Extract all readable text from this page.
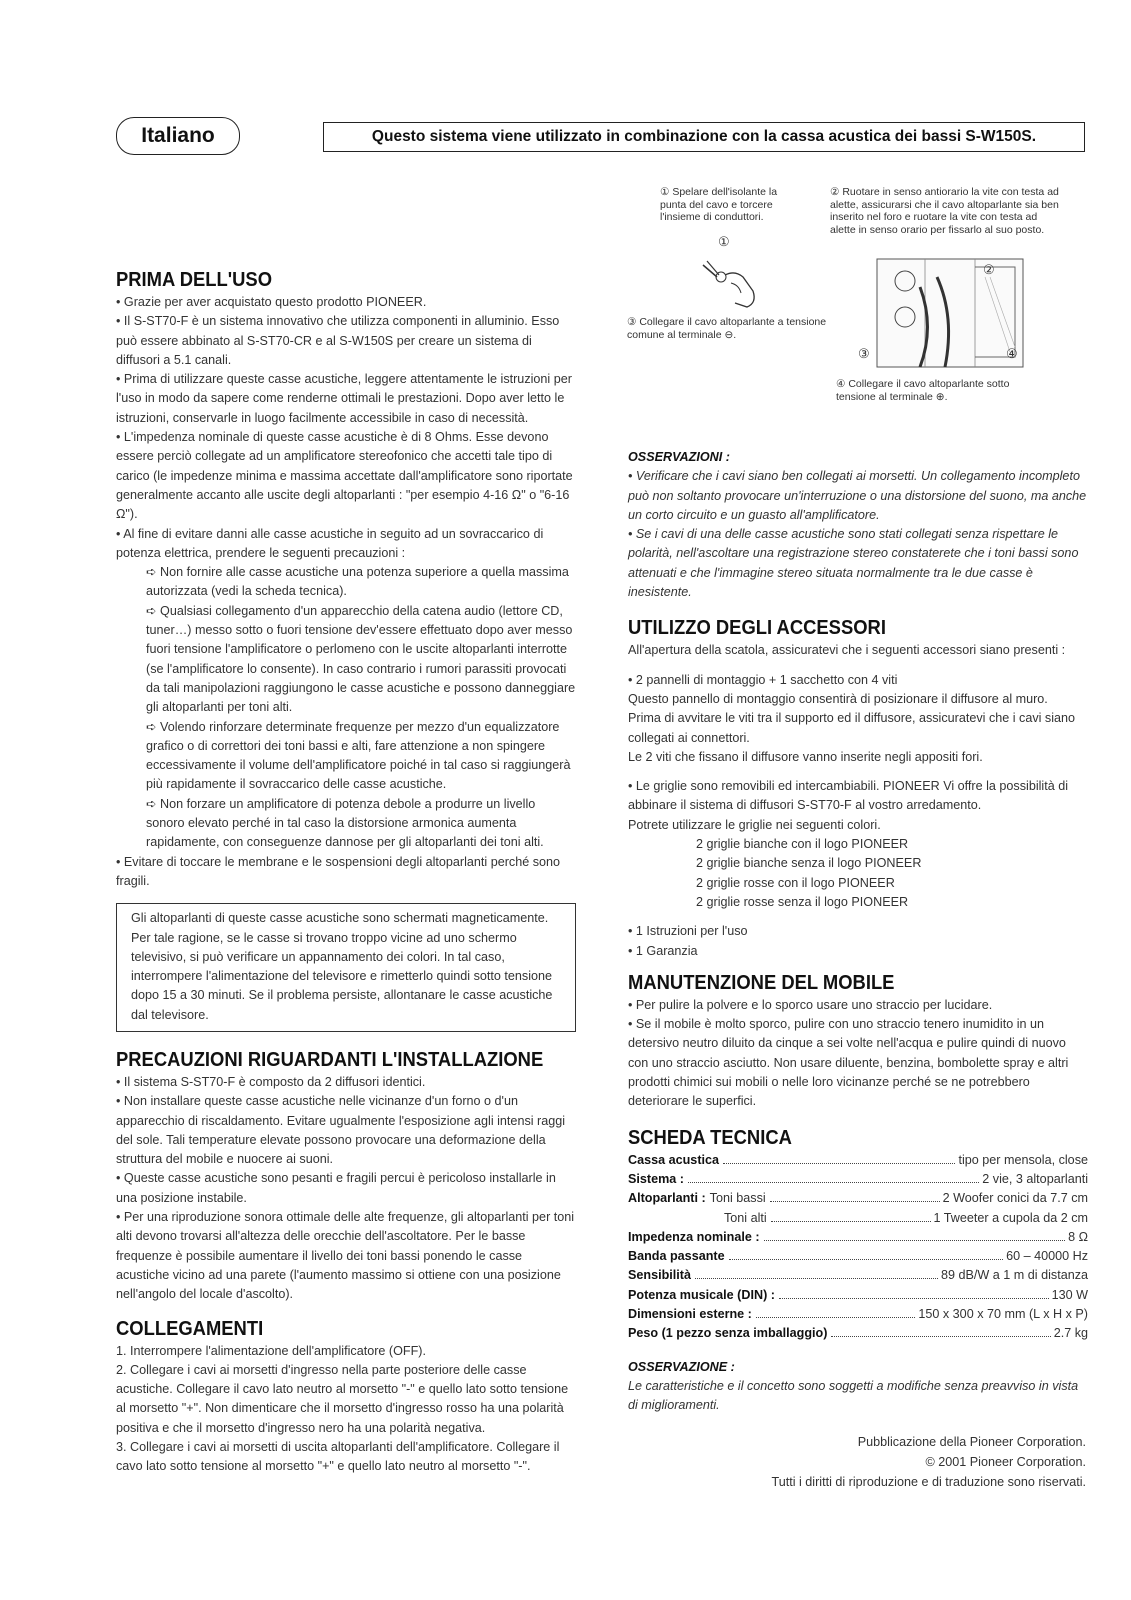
Italiano	Questo sistema viene utilizzato in combinazione con la cassa acustica dei bassi S-W150S.
① Spelare dell'isolante la punta del cavo e torcere l'insieme di conduttori.
② Ruotare in senso antiorario la vite con testa ad alette, assicurarsi che il cavo altoparlante sia ben inserito nel foro e ruotare la vite con testa ad alette in senso orario per fissarlo al suo posto.
①
③ Collegare il cavo altoparlante a tensione comune al terminale ⊖.
②
③	④
④ Collegare il cavo altoparlante sotto tensione al terminale ⊕.
PRIMA DELL'USO

• Grazie per aver acquistato questo prodotto PIONEER.

• Il S-ST70-F è un sistema innovativo che utilizza componenti in alluminio. Esso può essere abbinato al S-ST70-CR e al S-W150S per creare un sistema di diffusori a 5.1 canali.

• Prima di utilizzare queste casse acustiche, leggere attentamente le istruzioni per l'uso in modo da sapere come renderne ottimali le prestazioni. Dopo aver letto le istruzioni, conservarle in luogo facilmente accessibile in caso di necessità.

• L'impedenza nominale di queste casse acustiche è di 8 Ohms. Esse devono essere perciò collegate ad un amplificatore stereofonico che accetti tale tipo di carico (le impedenze minima e massima accettate dall'amplificatore sono riportate generalmente accanto alle uscite degli altoparlanti : "per esempio 4-16 Ω" o "6-16 Ω").

• Al fine di evitare danni alle casse acustiche in seguito ad un sovraccarico di potenza elettrica, prendere le seguenti precauzioni :

➪ Non fornire alle casse acustiche una potenza superiore a quella massima autorizzata (vedi la scheda tecnica).

➪ Qualsiasi collegamento d'un apparecchio della catena audio (lettore CD, tuner…) messo sotto o fuori tensione dev'essere effettuato dopo aver messo fuori tensione l'amplificatore o perlomeno con le uscite altoparlanti interrotte (se l'amplificatore lo consente). In caso contrario i rumori parassiti provocati da tali manipolazioni raggiungono le casse acustiche e possono danneggiare gli altoparlanti per toni alti.

➪ Volendo rinforzare determinate frequenze per mezzo d'un equalizzatore grafico o di correttori dei toni bassi e alti, fare attenzione a non spingere eccessivamente il volume dell'amplificatore poiché in tal caso si raggiungerà più rapidamente il sovraccarico delle casse acustiche.

➪ Non forzare un amplificatore di potenza debole a produrre un livello sonoro elevato perché in tal caso la distorsione armonica aumenta rapidamente, con conseguenze dannose per gli altoparlanti dei toni alti.

• Evitare di toccare le membrane e le sospensioni degli altoparlanti perché sono fragili.

Gli altoparlanti di queste casse acustiche sono schermati magneticamente. Per tale ragione, se le casse si trovano troppo vicine ad uno schermo televisivo, si può verificare un appannamento dei colori. In tal caso, interrompere l'alimentazione del televisore e rimetterlo quindi sotto tensione dopo 15 a 30 minuti. Se il problema persiste, allontanare le casse acustiche dal televisore.
PRECAUZIONI RIGUARDANTI L'INSTALLAZIONE

• Il sistema S-ST70-F è composto da 2 diffusori identici.

• Non installare queste casse acustiche nelle vicinanze d'un forno o d'un apparecchio di riscaldamento. Evitare ugualmente l'esposizione agli intensi raggi del sole. Tali temperature elevate possono provocare una deformazione della struttura del mobile e nuocere ai suoni.

• Queste casse acustiche sono pesanti e fragili percui è pericoloso installarle in una posizione instabile.

• Per una riproduzione sonora ottimale delle alte frequenze, gli altoparlanti per toni alti devono trovarsi all'altezza delle orecchie dell'ascoltatore. Per le basse frequenze è possibile aumentare il livello dei toni bassi ponendo le casse acustiche vicino ad una parete (l'aumento massimo si ottiene con una posizione nell'angolo del locale d'ascolto).

COLLEGAMENTI

1. Interrompere l'alimentazione dell'amplificatore (OFF).

2. Collegare i cavi ai morsetti d'ingresso nella parte posteriore delle casse acustiche. Collegare il cavo lato neutro al morsetto "-" e quello lato sotto tensione al morsetto "+". Non dimenticare che il morsetto d'ingresso rosso ha una polarità positiva e che il morsetto d'ingresso nero ha una polarità negativa.

3. Collegare i cavi ai morsetti di uscita altoparlanti dell'amplificatore. Collegare il cavo lato sotto tensione al morsetto "+" e quello lato neutro al morsetto "-".

OSSERVAZIONI :

• Verificare che i cavi siano ben collegati ai morsetti. Un collegamento incompleto può non soltanto provocare un'interruzione o una distorsione del suono, ma anche un corto circuito e un guasto all'amplificatore.

• Se i cavi di una delle casse acustiche sono stati collegati senza rispettare le polarità, nell'ascoltare una registrazione stereo constaterete che i toni bassi sono attenuati e che l'immagine stereo situata normalmente tra le due casse è inesistente.

UTILIZZO DEGLI ACCESSORI

All'apertura della scatola, assicuratevi che i seguenti accessori siano presenti :

• 2 pannelli di montaggio + 1 sacchetto con 4 viti

Questo pannello di montaggio consentirà di posizionare il diffusore al muro.

Prima di avvitare le viti tra il supporto ed il diffusore, assicuratevi che i cavi siano collegati ai connettori.

Le 2 viti che fissano il diffusore vanno inserite negli appositi fori.

• Le griglie sono removibili ed intercambiabili. PIONEER Vi offre la possibilità di abbinare il sistema di diffusori S-ST70-F al vostro arredamento.

Potrete utilizzare le griglie nei seguenti colori.

2 griglie bianche con il logo PIONEER

2 griglie bianche senza il logo PIONEER

2 griglie rosse con il logo PIONEER

2 griglie rosse senza il logo PIONEER

• 1 Istruzioni per l'uso

• 1 Garanzia

MANUTENZIONE DEL MOBILE

• Per pulire la polvere e lo sporco usare uno straccio per lucidare.

• Se il mobile è molto sporco, pulire con uno straccio tenero inumidito in un detersivo neutro diluito da cinque a sei volte nell'acqua e pulire quindi di nuovo con uno straccio asciutto. Non usare diluente, benzina, bombolette spray e altri prodotti chimici sui mobili o nelle loro vicinanze perché se ne potrebbero deteriorare le superfici.

SCHEDA TECNICA
Cassa acustica	tipo per mensola, close
Sistema :	2 vie, 3 altoparlanti
Altoparlanti : Toni bassi	2 Woofer conici da 7.7 cm
Toni alti	1 Tweeter a cupola da 2 cm
Impedenza nominale :	8 Ω
Banda passante	60 – 40000 Hz
Sensibilità	89 dB/W a 1 m di distanza
Potenza musicale (DIN) :	130 W
Dimensioni esterne :	150 x 300 x 70 mm (L x H x P)
Peso (1 pezzo senza imballaggio)	2.7 kg

OSSERVAZIONE :

Le caratteristiche e il concetto sono soggetti a modifiche senza preavviso in vista di miglioramenti.

Pubblicazione della Pioneer Corporation.
© 2001 Pioneer Corporation.
Tutti i diritti di riproduzione e di traduzione sono riservati.
